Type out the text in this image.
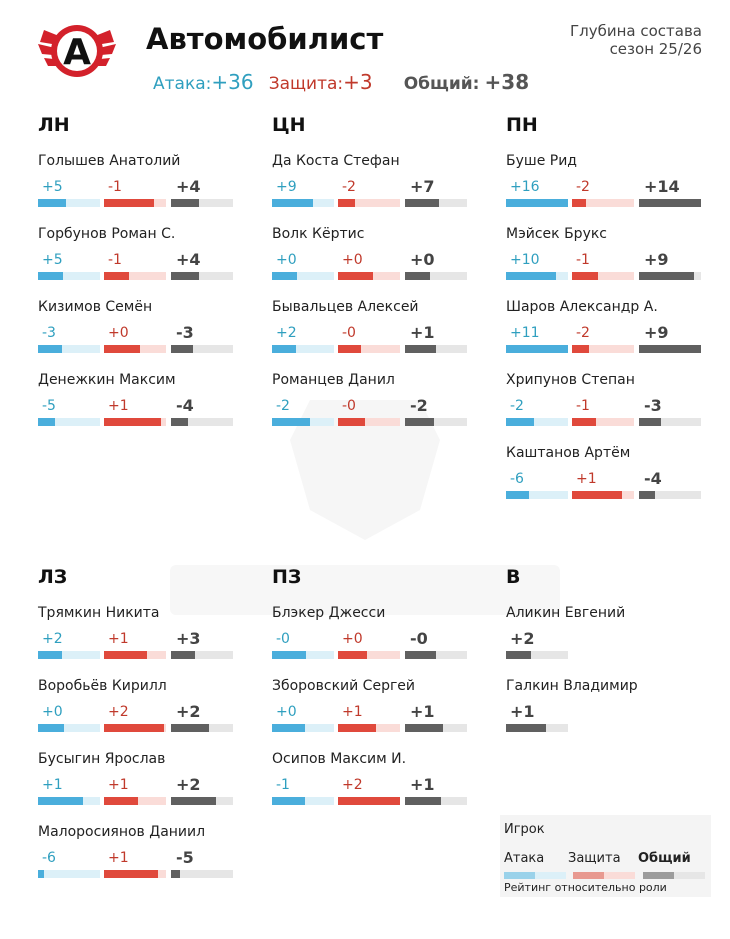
А Автомобилист
Атака:+36 Защита:+3 Общий: +38
Глубина состава
сезон 25/26
ЛН
Голышев Анатолий
+5	-1	+4
Горбунов Роман С.
+5	-1	+4
Кизимов Семён
-3	+0	-3
Денежкин Максим
-5	+1	-4
ЦН
Да Коста Стефан
+9	-2	+7
Волк Кёртис
+0	+0	+0
Бывальцев Алексей
+2	-0	+1
Романцев Данил
-2	-0	-2
ПН
Буше Рид
+16	-2	+14
Мэйсек Брукс
+10	-1	+9
Шаров Александр А.
+11	-2	+9
Хрипунов Степан
-2	-1	-3
Каштанов Артём
-6	+1	-4
ЛЗ
Трямкин Никита
+2	+1	+3
Воробьёв Кирилл
+0	+2	+2
Бусыгин Ярослав
+1	+1	+2
Малоросиянов Даниил
-6	+1	-5
ПЗ
Блэкер Джесси
-0	+0	-0
Зборовский Сергей
+0	+1	+1
Осипов Максим И.
-1	+2	+1
В
Аликин Евгений
+2
Галкин Владимир
+1
Игрок
Атака Защита Общий
Рейтинг относительно роли
